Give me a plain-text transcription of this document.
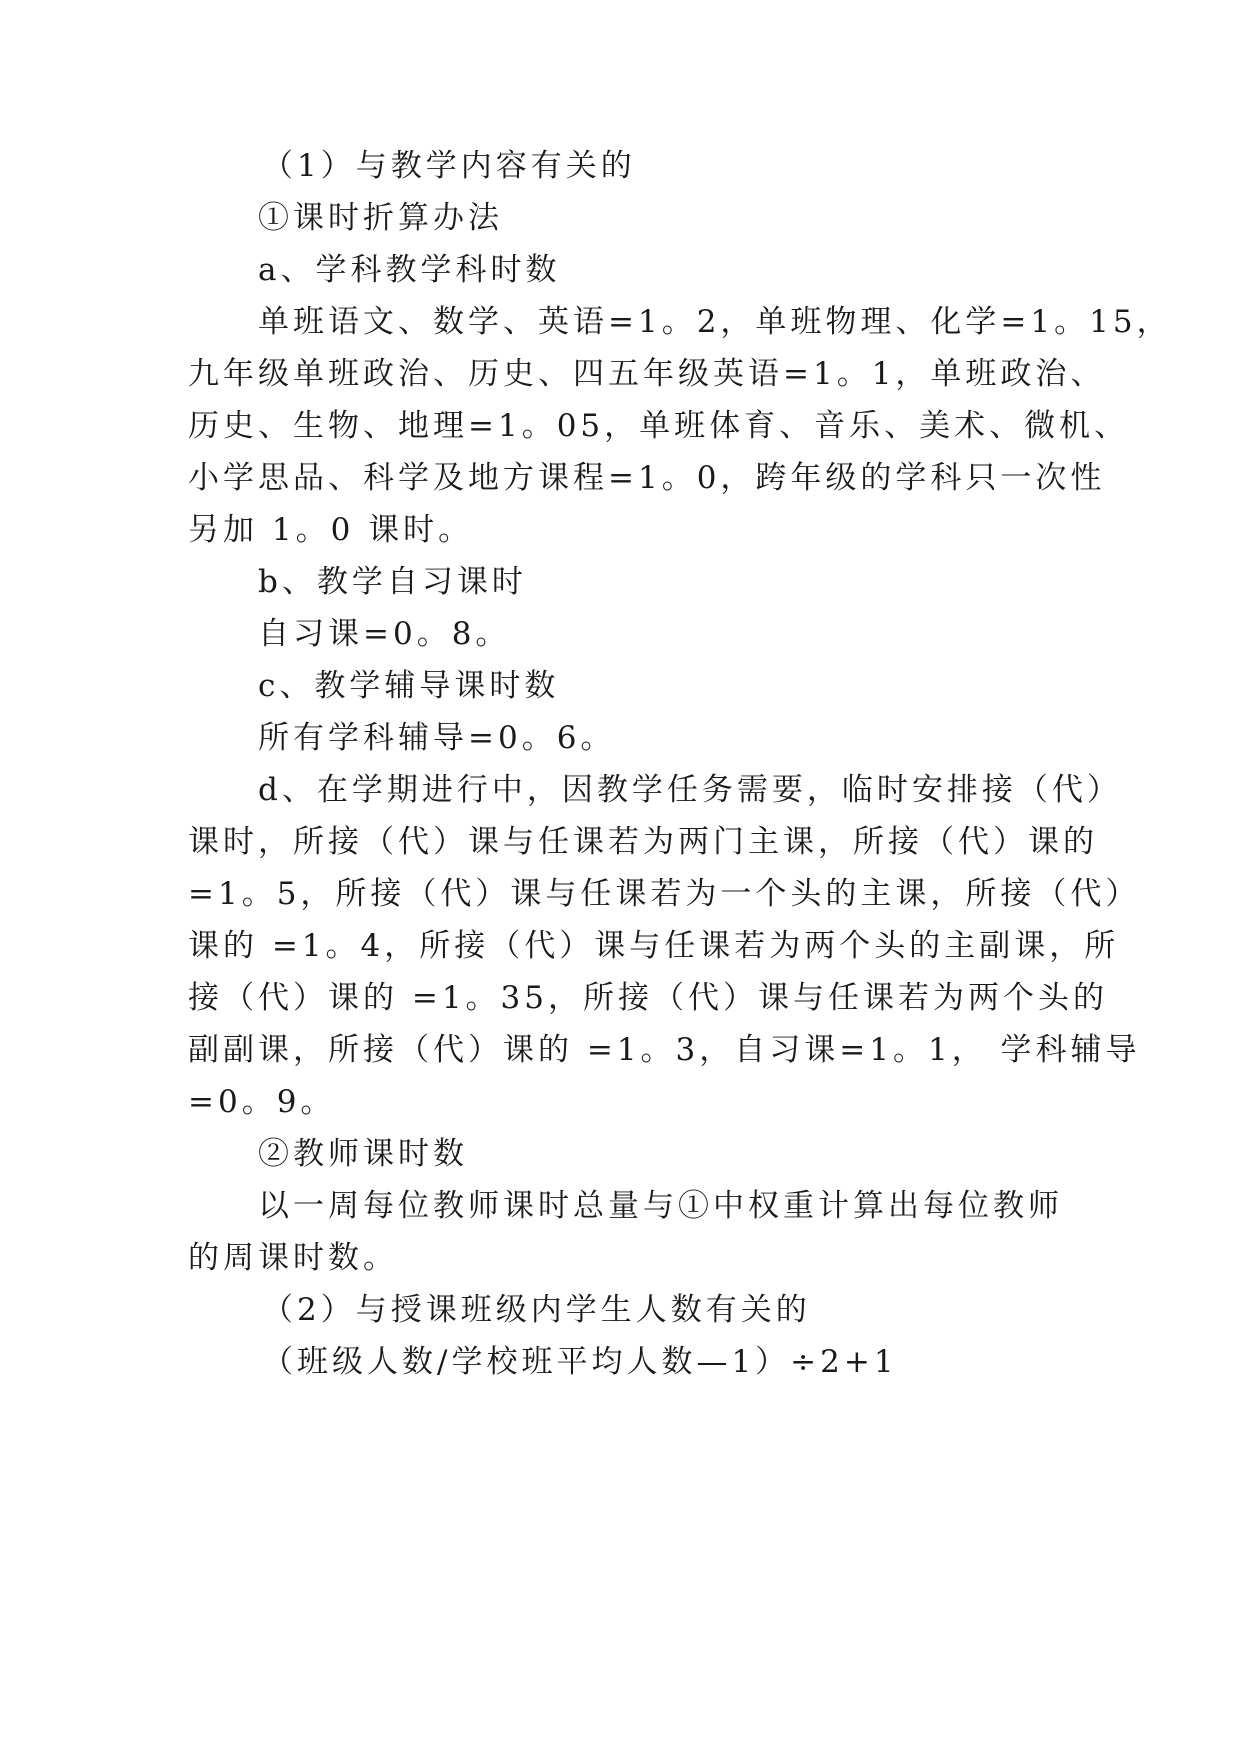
（1）与教学内容有关的
①课时折算办法
a、学科教学科时数
单班语文、数学、英语=1。2，单班物理、化学=1。15，
九年级单班政治、历史、四五年级英语=1。1，单班政治、
历史、生物、地理=1。05，单班体育、音乐、美术、微机、
小学思品、科学及地方课程=1。0，跨年级的学科只一次性
另加 1。0 课时。
b、教学自习课时
自习课=0。8。
c、教学辅导课时数
所有学科辅导=0。6。
d、在学期进行中，因教学任务需要，临时安排接（代）
课时，所接（代）课与任课若为两门主课，所接（代）课的
=1。5，所接（代）课与任课若为一个头的主课，所接（代）
课的 =1。4，所接（代）课与任课若为两个头的主副课，所
接（代）课的 =1。35，所接（代）课与任课若为两个头的
副副课，所接（代）课的 =1。3，自习课=1。1， 学科辅导
=0。9。
②教师课时数
以一周每位教师课时总量与①中权重计算出每位教师
的周课时数。
（2）与授课班级内学生人数有关的
（班级人数/学校班平均人数—1）÷2+1
